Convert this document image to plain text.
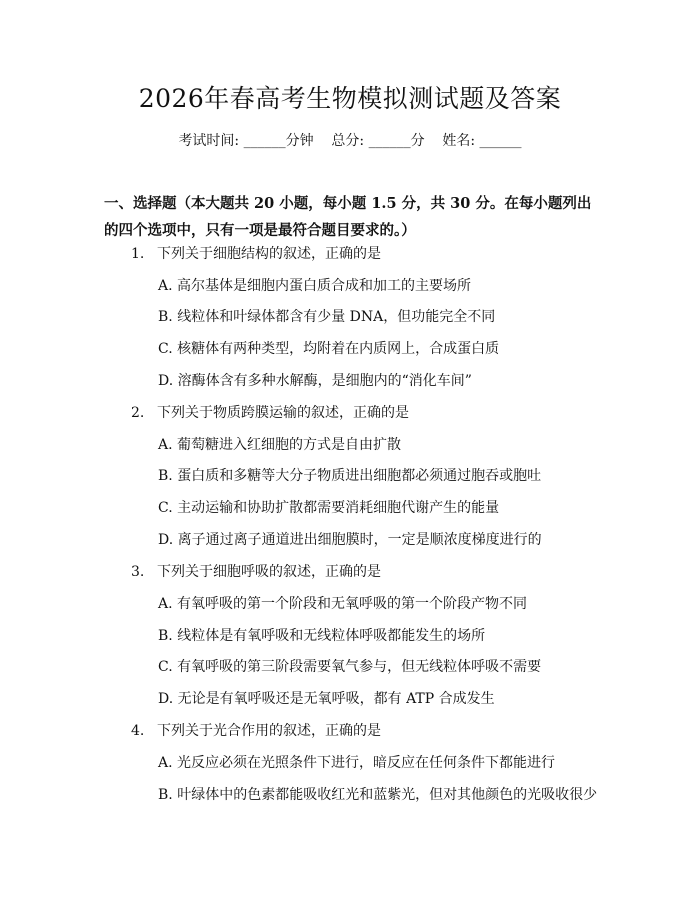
2026年春高考生物模拟测试题及答案
考试时间: ______分钟    总分: ______分    姓名: ______
一、选择题（本大题共 20 小题，每小题 1.5 分，共 30 分。在每小题列出的四个选项中，只有一项是最符合题目要求的。）
1. 下列关于细胞结构的叙述，正确的是
A. 高尔基体是细胞内蛋白质合成和加工的主要场所
B. 线粒体和叶绿体都含有少量 DNA，但功能完全不同
C. 核糖体有两种类型，均附着在内质网上，合成蛋白质
D. 溶酶体含有多种水解酶，是细胞内的“消化车间”
2. 下列关于物质跨膜运输的叙述，正确的是
A. 葡萄糖进入红细胞的方式是自由扩散
B. 蛋白质和多糖等大分子物质进出细胞都必须通过胞吞或胞吐
C. 主动运输和协助扩散都需要消耗细胞代谢产生的能量
D. 离子通过离子通道进出细胞膜时，一定是顺浓度梯度进行的
3. 下列关于细胞呼吸的叙述，正确的是
A. 有氧呼吸的第一个阶段和无氧呼吸的第一个阶段产物不同
B. 线粒体是有氧呼吸和无线粒体呼吸都能发生的场所
C. 有氧呼吸的第三阶段需要氧气参与，但无线粒体呼吸不需要
D. 无论是有氧呼吸还是无氧呼吸，都有 ATP 合成发生
4. 下列关于光合作用的叙述，正确的是
A. 光反应必须在光照条件下进行，暗反应在任何条件下都能进行
B. 叶绿体中的色素都能吸收红光和蓝紫光，但对其他颜色的光吸收很少
